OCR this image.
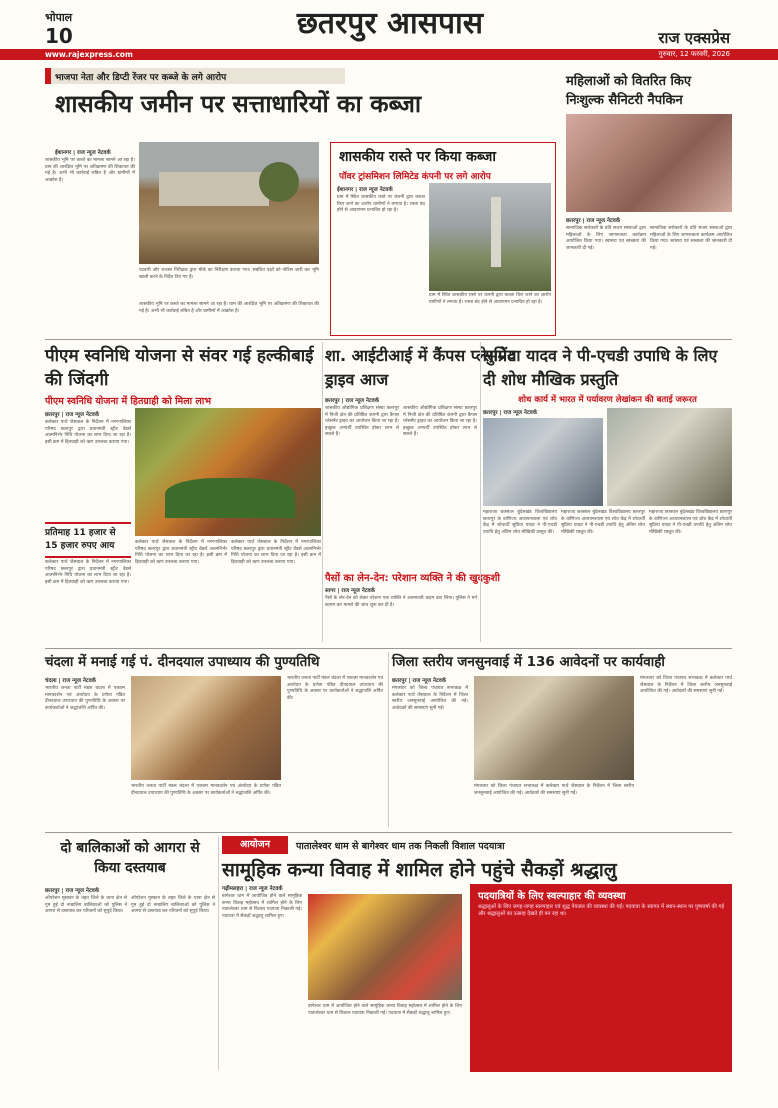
भोपाल
10	छतरपुर आसपास	राज एक्सप्रेस
www.rajexpress.com	गुरुवार, 12 फरवरी, 2026
भाजपा नेता और डिप्टी रेंजर पर कब्जे के लगे आरोप
शासकीय जमीन पर सत्ताधारियों का कब्जा
ईशानगर | राज न्यूज नेटवर्क
शासकीय भूमि पर कब्जे का मामला सामने आ रहा है। ग्राम की आरक्षित भूमि पर अतिक्रमण की शिकायत की गई है। अभी भी कार्रवाई लंबित है और ग्रामीणों में आक्रोश है।
पटवारी और राजस्व निरीक्षक द्वारा मौके का निरीक्षण कराया गया। संबंधित पक्षों को नोटिस जारी कर भूमि खाली करने के निर्देश दिए गए हैं।
शासकीय भूमि पर कब्जे का मामला सामने आ रहा है। ग्राम की आरक्षित भूमि पर अतिक्रमण की शिकायत की गई है। अभी भी कार्रवाई लंबित है और ग्रामीणों में आक्रोश है।
शासकीय रास्ते पर किया कब्जा
पॉवर ट्रांसमिशन लिमिटेड कंपनी पर लगे आरोप
ईशानगर | राज न्यूज नेटवर्क
ग्राम में स्थित शासकीय रास्ते पर कंपनी द्वारा कब्जा किए जाने का आरोप ग्रामीणों ने लगाया है। रास्ता बंद होने से आवागमन प्रभावित हो रहा है।
ग्राम में स्थित शासकीय रास्ते पर कंपनी द्वारा कब्जा किए जाने का आरोप ग्रामीणों ने लगाया है। रास्ता बंद होने से आवागमन प्रभावित हो रहा है।
महिलाओं को वितरित किए निःशुल्क सैनिटरी नैपकिन
छतरपुर | राज न्यूज नेटवर्क
सामाजिक सरोकारों के प्रति सजग संस्थाओं द्वारा महिलाओं के लिए जागरूकता कार्यक्रम आयोजित किया गया। स्वास्थ्य एवं स्वच्छता की जानकारी दी गई।
सामाजिक सरोकारों के प्रति सजग संस्थाओं द्वारा महिलाओं के लिए जागरूकता कार्यक्रम आयोजित किया गया। स्वास्थ्य एवं स्वच्छता की जानकारी दी गई।
पीएम स्वनिधि योजना से संवर गई हल्कीबाई की जिंदगी
पीएम स्वनिधि योजना में हितग्राही को मिला लाभ
छतरपुर | राज न्यूज नेटवर्क
कलेक्टर पार्थ जैसवाल के निर्देशन में नगरपालिका परिषद छतरपुर द्वारा प्रधानमंत्री स्ट्रीट वेंडर्स आत्मनिर्भर निधि योजना का लाभ दिया जा रहा है। इसी क्रम में हितग्राही को ऋण उपलब्ध कराया गया।
प्रतिमाह 11 हजार से 15 हजार रुपए आय
कलेक्टर पार्थ जैसवाल के निर्देशन में नगरपालिका परिषद छतरपुर द्वारा प्रधानमंत्री स्ट्रीट वेंडर्स आत्मनिर्भर निधि योजना का लाभ दिया जा रहा है। इसी क्रम में हितग्राही को ऋण उपलब्ध कराया गया।
कलेक्टर पार्थ जैसवाल के निर्देशन में नगरपालिका परिषद छतरपुर द्वारा प्रधानमंत्री स्ट्रीट वेंडर्स आत्मनिर्भर निधि योजना का लाभ दिया जा रहा है। इसी क्रम में हितग्राही को ऋण उपलब्ध कराया गया।
कलेक्टर पार्थ जैसवाल के निर्देशन में नगरपालिका परिषद छतरपुर द्वारा प्रधानमंत्री स्ट्रीट वेंडर्स आत्मनिर्भर निधि योजना का लाभ दिया जा रहा है। इसी क्रम में हितग्राही को ऋण उपलब्ध कराया गया।
शा. आईटीआई में कैंपस प्लेसमेंट ड्राइव आज
छतरपुर | राज न्यूज नेटवर्क
शासकीय औद्योगिक प्रशिक्षण संस्था छतरपुर में निजी क्षेत्र की प्रतिष्ठित कंपनी द्वारा कैंपस प्लेसमेंट ड्राइव का आयोजन किया जा रहा है। इच्छुक अभ्यर्थी उपस्थित होकर लाभ ले सकते हैं।
शासकीय औद्योगिक प्रशिक्षण संस्था छतरपुर में निजी क्षेत्र की प्रतिष्ठित कंपनी द्वारा कैंपस प्लेसमेंट ड्राइव का आयोजन किया जा रहा है। इच्छुक अभ्यर्थी उपस्थित होकर लाभ ले सकते हैं।
पैसों का लेन-देन: परेशान व्यक्ति ने की खुदकुशी
सागर | राज न्यूज नेटवर्क
पैसों के लेन-देन को लेकर परेशान एक व्यक्ति ने आत्मघाती कदम उठा लिया। पुलिस ने मर्ग कायम कर मामले की जांच शुरू कर दी है।
सुप्रिया यादव ने पी-एचडी उपाधि के लिए दी शोध मौखिक प्रस्तुति
शोध कार्य में भारत में पर्यावरण लेखांकन की बताई जरूरत
छतरपुर | राज न्यूज नेटवर्क
महाराजा छत्रसाल बुंदेलखंड विश्वविद्यालय छतरपुर के वाणिज्य अध्ययनशाला एवं शोध केंद्र में शोधार्थी सुप्रिया यादव ने पी-एचडी उपाधि हेतु अंतिम शोध मौखिकी प्रस्तुत की।
महाराजा छत्रसाल बुंदेलखंड विश्वविद्यालय छतरपुर के वाणिज्य अध्ययनशाला एवं शोध केंद्र में शोधार्थी सुप्रिया यादव ने पी-एचडी उपाधि हेतु अंतिम शोध मौखिकी प्रस्तुत की।
महाराजा छत्रसाल बुंदेलखंड विश्वविद्यालय छतरपुर के वाणिज्य अध्ययनशाला एवं शोध केंद्र में शोधार्थी सुप्रिया यादव ने पी-एचडी उपाधि हेतु अंतिम शोध मौखिकी प्रस्तुत की।
चंदला में मनाई गई पं. दीनदयाल उपाध्याय की पुण्यतिथि
चंदला | राज न्यूज नेटवर्क
भारतीय जनता पार्टी मंडल चंदला में एकात्म मानवदर्शन एवं अंत्योदय के प्रणेता पंडित दीनदयाल उपाध्याय की पुण्यतिथि के अवसर पर कार्यकर्ताओं ने श्रद्धांजलि अर्पित की।
भारतीय जनता पार्टी मंडल चंदला में एकात्म मानवदर्शन एवं अंत्योदय के प्रणेता पंडित दीनदयाल उपाध्याय की पुण्यतिथि के अवसर पर कार्यकर्ताओं ने श्रद्धांजलि अर्पित की।
भारतीय जनता पार्टी मंडल चंदला में एकात्म मानवदर्शन एवं अंत्योदय के प्रणेता पंडित दीनदयाल उपाध्याय की पुण्यतिथि के अवसर पर कार्यकर्ताओं ने श्रद्धांजलि अर्पित की।
जिला स्तरीय जनसुनवाई में 136 आवेदनों पर कार्यवाही
छतरपुर | राज न्यूज नेटवर्क
मंगलवार को जिला पंचायत सभाकक्ष में कलेक्टर पार्थ जैसवाल के निर्देशन में जिला स्तरीय जनसुनवाई आयोजित की गई। आवेदकों की समस्याएं सुनी गईं।
मंगलवार को जिला पंचायत सभाकक्ष में कलेक्टर पार्थ जैसवाल के निर्देशन में जिला स्तरीय जनसुनवाई आयोजित की गई। आवेदकों की समस्याएं सुनी गईं।
मंगलवार को जिला पंचायत सभाकक्ष में कलेक्टर पार्थ जैसवाल के निर्देशन में जिला स्तरीय जनसुनवाई आयोजित की गई। आवेदकों की समस्याएं सुनी गईं।
दो बालिकाओं को आगरा से किया दस्तयाब
छतरपुर | राज न्यूज नेटवर्क
ऑपरेशन मुस्कान के तहत जिले के थाना क्षेत्र से गुम हुई दो नाबालिग बालिकाओं को पुलिस ने आगरा से दस्तयाब कर परिजनों को सुपुर्द किया।
ऑपरेशन मुस्कान के तहत जिले के थाना क्षेत्र से गुम हुई दो नाबालिग बालिकाओं को पुलिस ने आगरा से दस्तयाब कर परिजनों को सुपुर्द किया।
आयोजन	पातालेश्वर धाम से बागेश्वर धाम तक निकली विशाल पदयात्रा
सामूहिक कन्या विवाह में शामिल होने पहुंचे सैकड़ों श्रद्धालु
गढ़ीमलहरा | राज न्यूज नेटवर्क
बागेश्वर धाम में आयोजित होने वाले सामूहिक कन्या विवाह महोत्सव में शामिल होने के लिए पातालेश्वर धाम से विशाल पदयात्रा निकाली गई। पदयात्रा में सैकड़ों श्रद्धालु शामिल हुए।
बागेश्वर धाम में आयोजित होने वाले सामूहिक कन्या विवाह महोत्सव में शामिल होने के लिए पातालेश्वर धाम से विशाल पदयात्रा निकाली गई। पदयात्रा में सैकड़ों श्रद्धालु शामिल हुए।
पदयात्रियों के लिए स्वल्पाहार की व्यवस्था
श्रद्धालुओं के लिए जगह-जगह स्वल्पाहार एवं शुद्ध पेयजल की व्यवस्था की गई। पदयात्रा के स्वागत में स्थान-स्थान पर पुष्पवर्षा की गई और श्रद्धालुओं का उत्साह देखते ही बन रहा था।
